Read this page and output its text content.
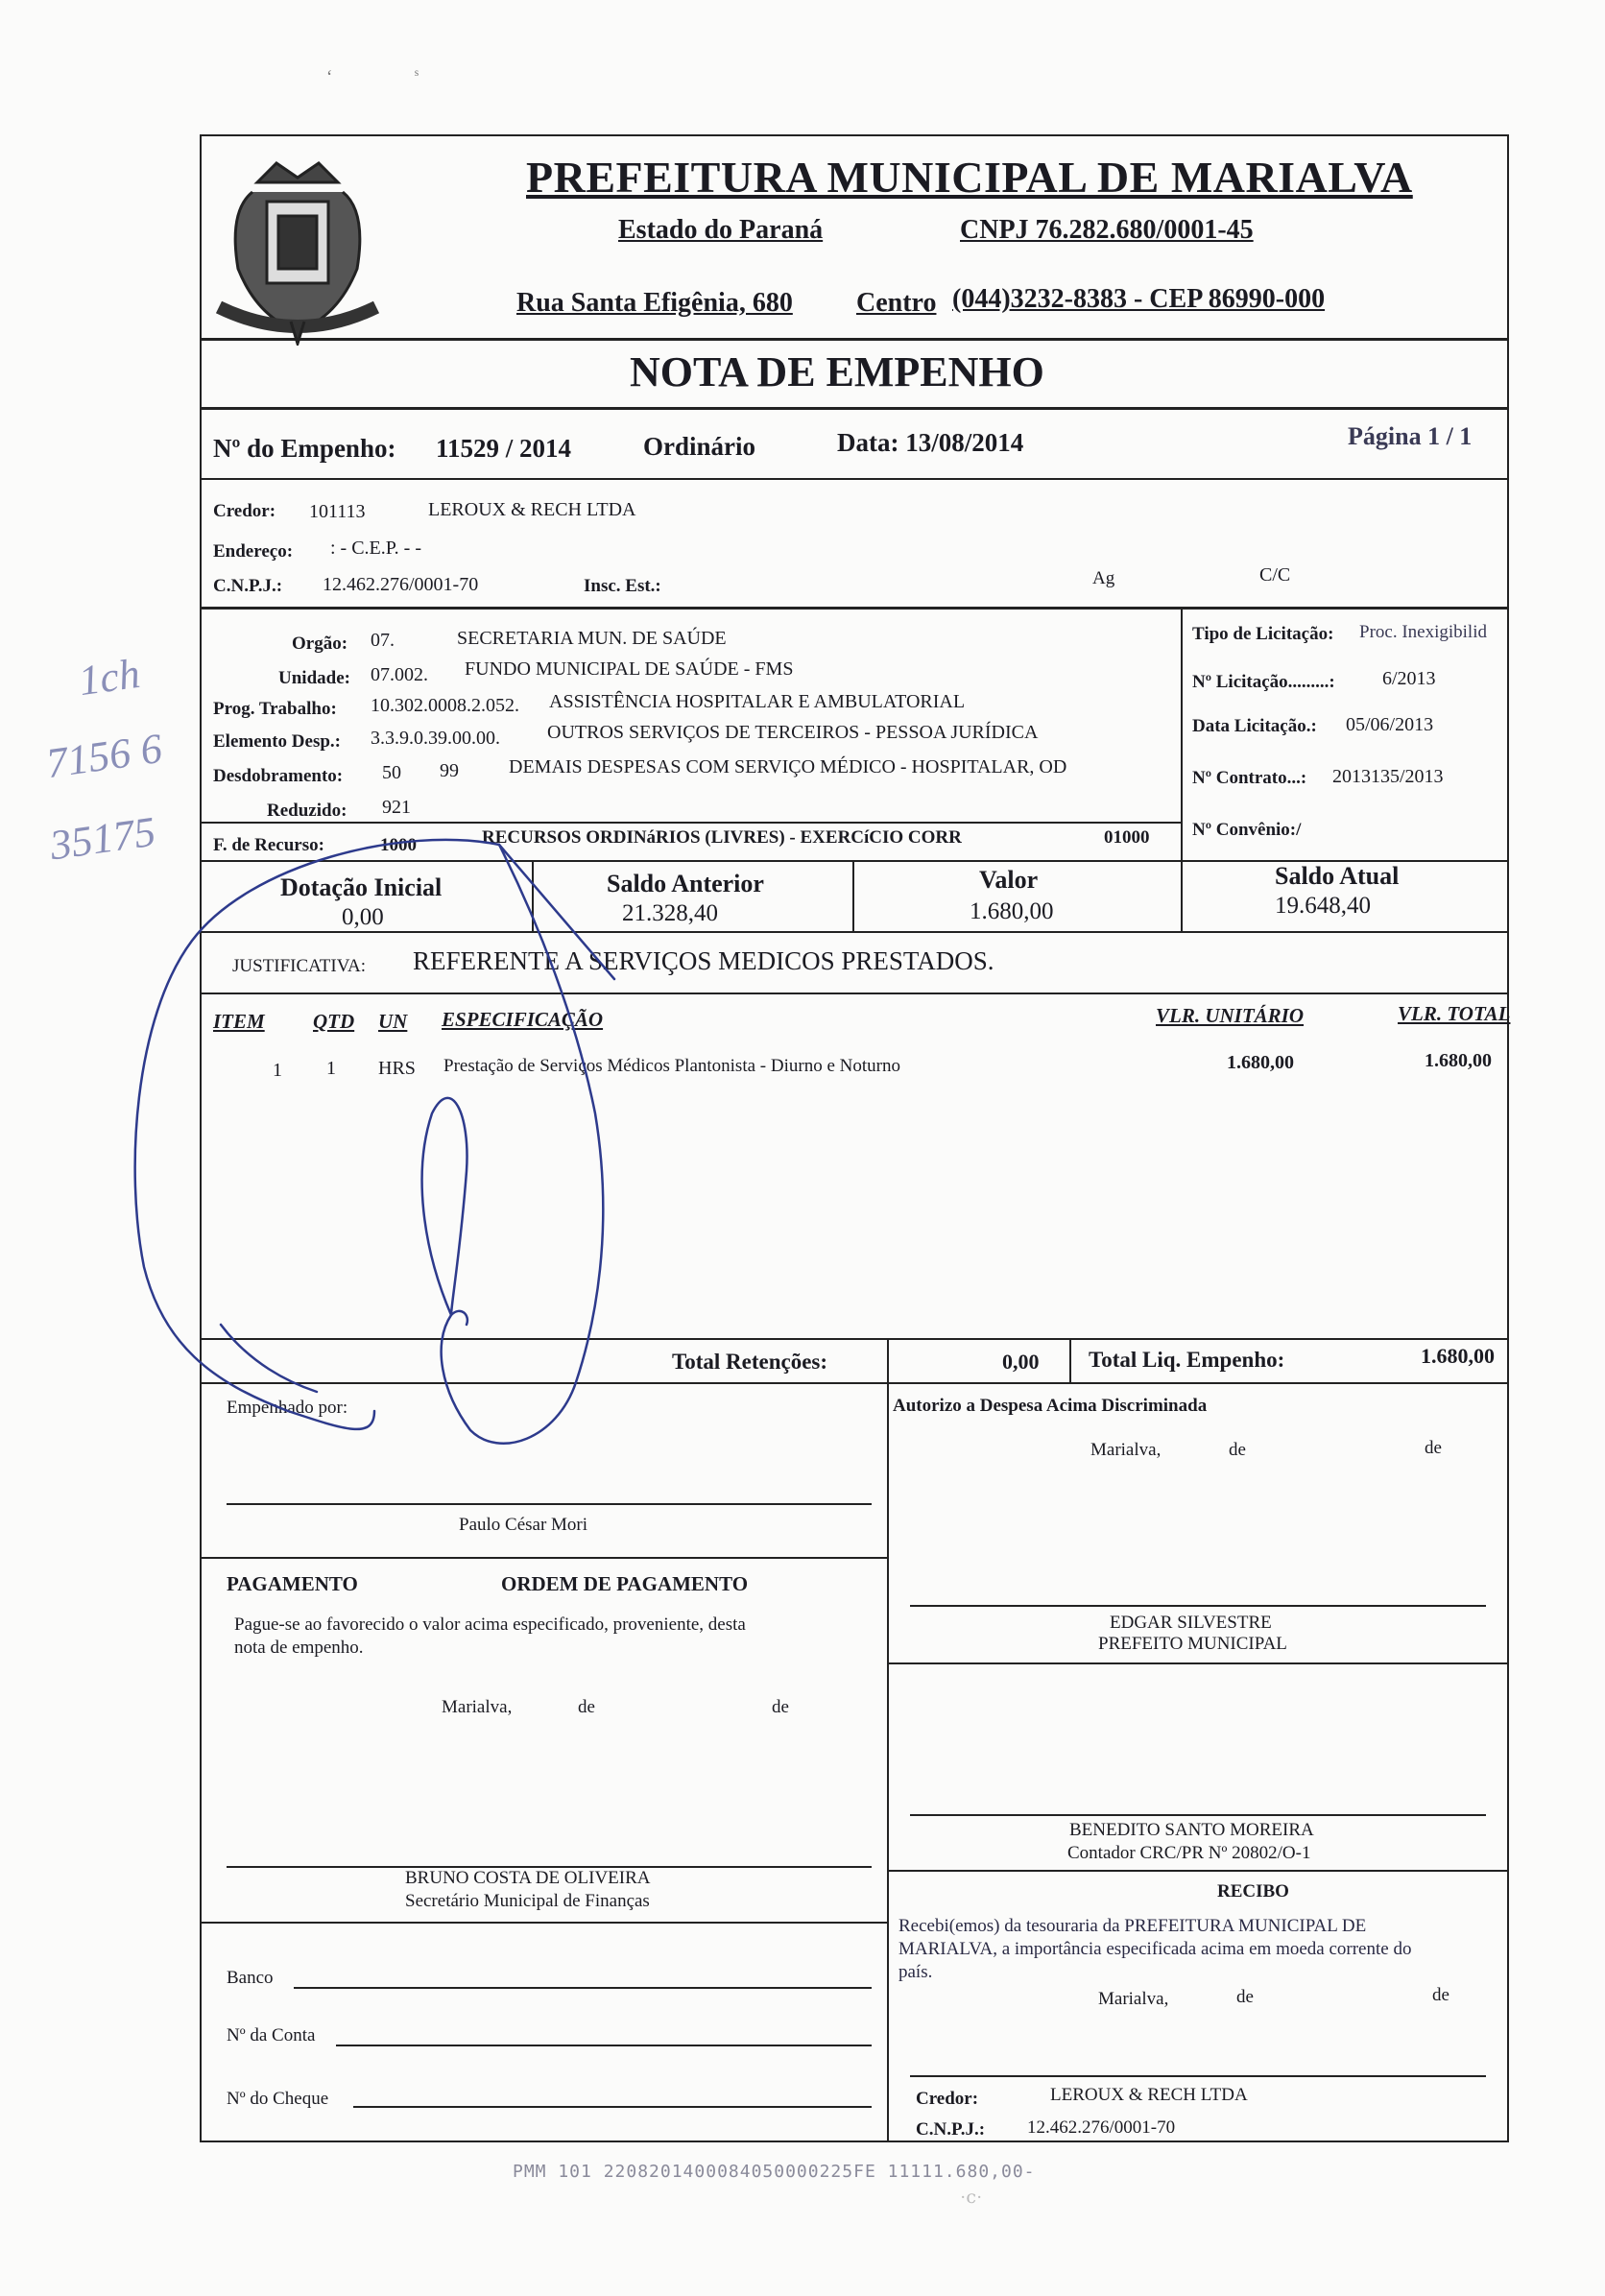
‘	ˢ
1ch
7156 6
35175
PREFEITURA MUNICIPAL DE MARIALVA
Estado do Paraná	CNPJ 76.282.680/0001-45
Rua Santa Efigênia, 680 Centro (044)3232-8383 - CEP 86990-000
NOTA DE EMPENHO
Nº do Empenho: 11529 / 2014	Ordinário	Data: 13/08/2014	Página 1 / 1
Credor: 101113	LEROUX & RECH LTDA
Endereço: : - C.E.P. - -
C.N.P.J.: 12.462.276/0001-70	Insc. Est.:	Ag	C/C
Orgão: 07.	SECRETARIA MUN. DE SAÚDE
Unidade: 07.002. FUNDO MUNICIPAL DE SAÚDE - FMS
Prog. Trabalho: 10.302.0008.2.052. ASSISTÊNCIA HOSPITALAR E AMBULATORIAL
Elemento Desp.: 3.3.9.0.39.00.00. OUTROS SERVIÇOS DE TERCEIROS - PESSOA JURÍDICA
Desdobramento: 50 99	DEMAIS DESPESAS COM SERVIÇO MÉDICO - HOSPITALAR, OD
Reduzido: 921
F. de Recurso:	1000	RECURSOS ORDINáRIOS (LIVRES) - EXERCíCIO CORR	01000
Tipo de Licitação: Proc. Inexigibilid
Nº Licitação.........: 6/2013
Data Licitação.: 05/06/2013
Nº Contrato...: 2013135/2013
Nº Convênio:/
Dotação Inicial
0,00
Saldo Anterior
21.328,40
Valor
1.680,00
Saldo Atual
19.648,40
JUSTIFICATIVA: REFERENTE A SERVIÇOS MEDICOS PRESTADOS.
ITEM QTD UN ESPECIFICAÇÃO	VLR. UNITÁRIO	VLR. TOTAL
1 1 HRS Prestação de Serviços Médicos Plantonista - Diurno e Noturno	1.680,00	1.680,00
Total Retenções:	0,00 Total Liq. Empenho:	1.680,00
Empenhado por:
Paulo César Mori
Autorizo a Despesa Acima Discriminada
Marialva,	de	de
PAGAMENTO	ORDEM DE PAGAMENTO
Pague-se ao favorecido o valor acima especificado, proveniente, desta
nota de empenho.
Marialva,	de	de
EDGAR SILVESTRE
PREFEITO MUNICIPAL
BENEDITO SANTO MOREIRA
Contador CRC/PR Nº 20802/O-1
BRUNO COSTA DE OLIVEIRA
Secretário Municipal de Finanças
Banco
Nº da Conta
Nº do Cheque
RECIBO
Recebi(emos) da tesouraria da PREFEITURA MUNICIPAL DE
MARIALVA, a importância especificada acima em moeda corrente do
país.
Marialva,	de	de
Credor:	LEROUX & RECH LTDA
C.N.P.J.: 12.462.276/0001-70
PMM 101 2208201400084050000225FE 11111.680,00-
·ⅽ·
